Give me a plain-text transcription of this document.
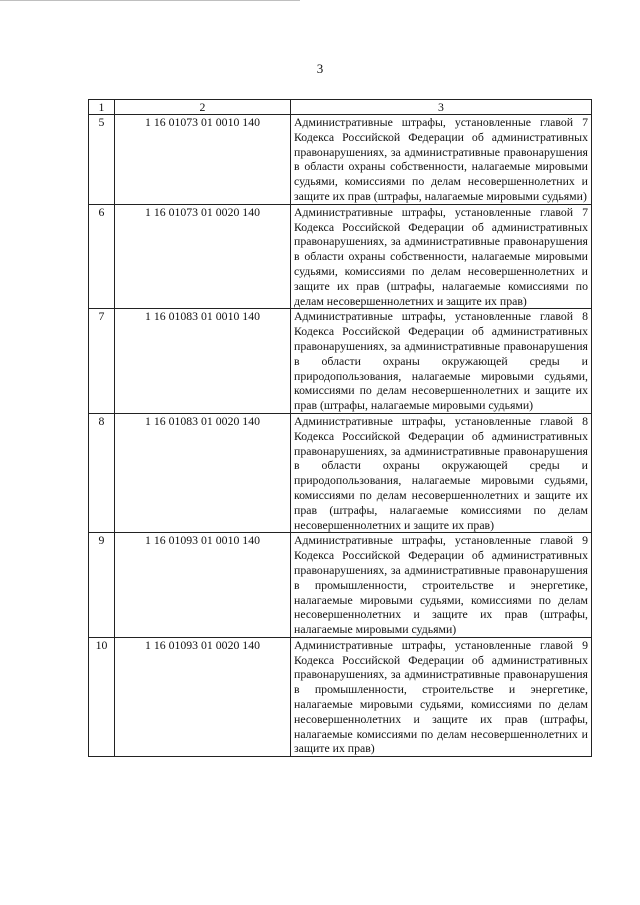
3
1	2	3
5	1 16 01073 01 0010 140	Административные штрафы, установленные главой 7 Кодекса Российской Федерации об административных правонарушениях, за административные правонарушения в области охраны собственности, налагаемые мировыми судьями, комиссиями по делам несовершеннолетних и защите их прав (штрафы, налагаемые мировыми судьями)
6	1 16 01073 01 0020 140	Административные штрафы, установленные главой 7 Кодекса Российской Федерации об административных правонарушениях, за административные правонарушения в области охраны собственности, налагаемые мировыми судьями, комиссиями по делам несовершеннолетних и защите их прав (штрафы, налагаемые комиссиями по делам несовершеннолетних и защите их прав)
7	1 16 01083 01 0010 140	Административные штрафы, установленные главой 8 Кодекса Российской Федерации об административных правонарушениях, за административные правонарушения в области охраны окружающей среды и природопользования, налагаемые мировыми судьями, комиссиями по делам несовершеннолетних и защите их прав (штрафы, налагаемые мировыми судьями)
8	1 16 01083 01 0020 140	Административные штрафы, установленные главой 8 Кодекса Российской Федерации об административных правонарушениях, за административные правонарушения в области охраны окружающей среды и природопользования, налагаемые мировыми судьями, комиссиями по делам несовершеннолетних и защите их прав (штрафы, налагаемые комиссиями по делам несовершеннолетних и защите их прав)
9	1 16 01093 01 0010 140	Административные штрафы, установленные главой 9 Кодекса Российской Федерации об административных правонарушениях, за административные правонарушения в промышленности, строительстве и энергетике, налагаемые мировыми судьями, комиссиями по делам несовершеннолетних и защите их прав (штрафы, налагаемые мировыми судьями)
10	1 16 01093 01 0020 140	Административные штрафы, установленные главой 9 Кодекса Российской Федерации об административных правонарушениях, за административные правонарушения в промышленности, строительстве и энергетике, налагаемые мировыми судьями, комиссиями по делам несовершеннолетних и защите их прав (штрафы, налагаемые комиссиями по делам несовершеннолетних и защите их прав)
